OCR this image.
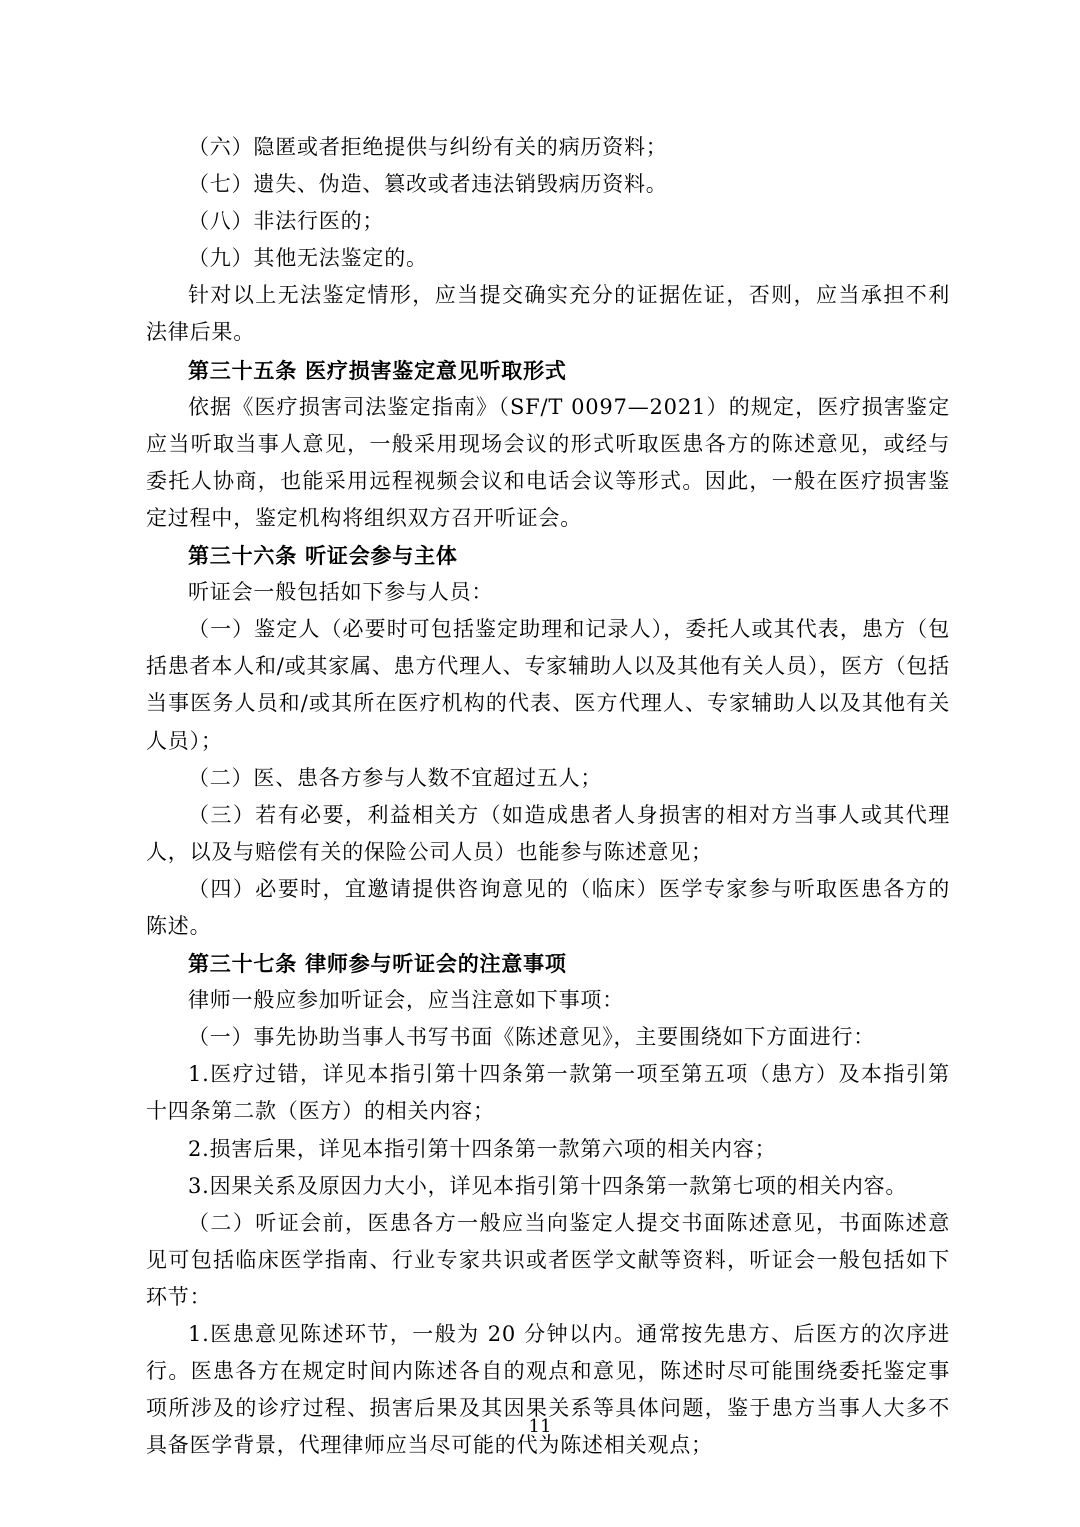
（六）隐匿或者拒绝提供与纠纷有关的病历资料；

（七）遗失、伪造、篡改或者违法销毁病历资料。

（八）非法行医的；

（九）其他无法鉴定的。

针对以上无法鉴定情形，应当提交确实充分的证据佐证，否则，应当承担不利法律后果。

第三十五条 医疗损害鉴定意见听取形式

依据《医疗损害司法鉴定指南》（SF/T 0097—2021）的规定，医疗损害鉴定应当听取当事人意见，一般采用现场会议的形式听取医患各方的陈述意见，或经与委托人协商，也能采用远程视频会议和电话会议等形式。因此，一般在医疗损害鉴定过程中，鉴定机构将组织双方召开听证会。

第三十六条 听证会参与主体

听证会一般包括如下参与人员：

（一）鉴定人（必要时可包括鉴定助理和记录人），委托人或其代表，患方（包括患者本人和/或其家属、患方代理人、专家辅助人以及其他有关人员），医方（包括当事医务人员和/或其所在医疗机构的代表、医方代理人、专家辅助人以及其他有关人员）；

（二）医、患各方参与人数不宜超过五人；

（三）若有必要，利益相关方（如造成患者人身损害的相对方当事人或其代理人，以及与赔偿有关的保险公司人员）也能参与陈述意见；

（四）必要时，宜邀请提供咨询意见的（临床）医学专家参与听取医患各方的陈述。

第三十七条 律师参与听证会的注意事项

律师一般应参加听证会，应当注意如下事项：

（一）事先协助当事人书写书面《陈述意见》，主要围绕如下方面进行：

1.医疗过错，详见本指引第十四条第一款第一项至第五项（患方）及本指引第十四条第二款（医方）的相关内容；

2.损害后果，详见本指引第十四条第一款第六项的相关内容；

3.因果关系及原因力大小，详见本指引第十四条第一款第七项的相关内容。

（二）听证会前，医患各方一般应当向鉴定人提交书面陈述意见，书面陈述意见可包括临床医学指南、行业专家共识或者医学文献等资料，听证会一般包括如下环节：

1.医患意见陈述环节，一般为 20 分钟以内。通常按先患方、后医方的次序进行。医患各方在规定时间内陈述各自的观点和意见，陈述时尽可能围绕委托鉴定事项所涉及的诊疗过程、损害后果及其因果关系等具体问题，鉴于患方当事人大多不具备医学背景，代理律师应当尽可能的代为陈述相关观点；

11
